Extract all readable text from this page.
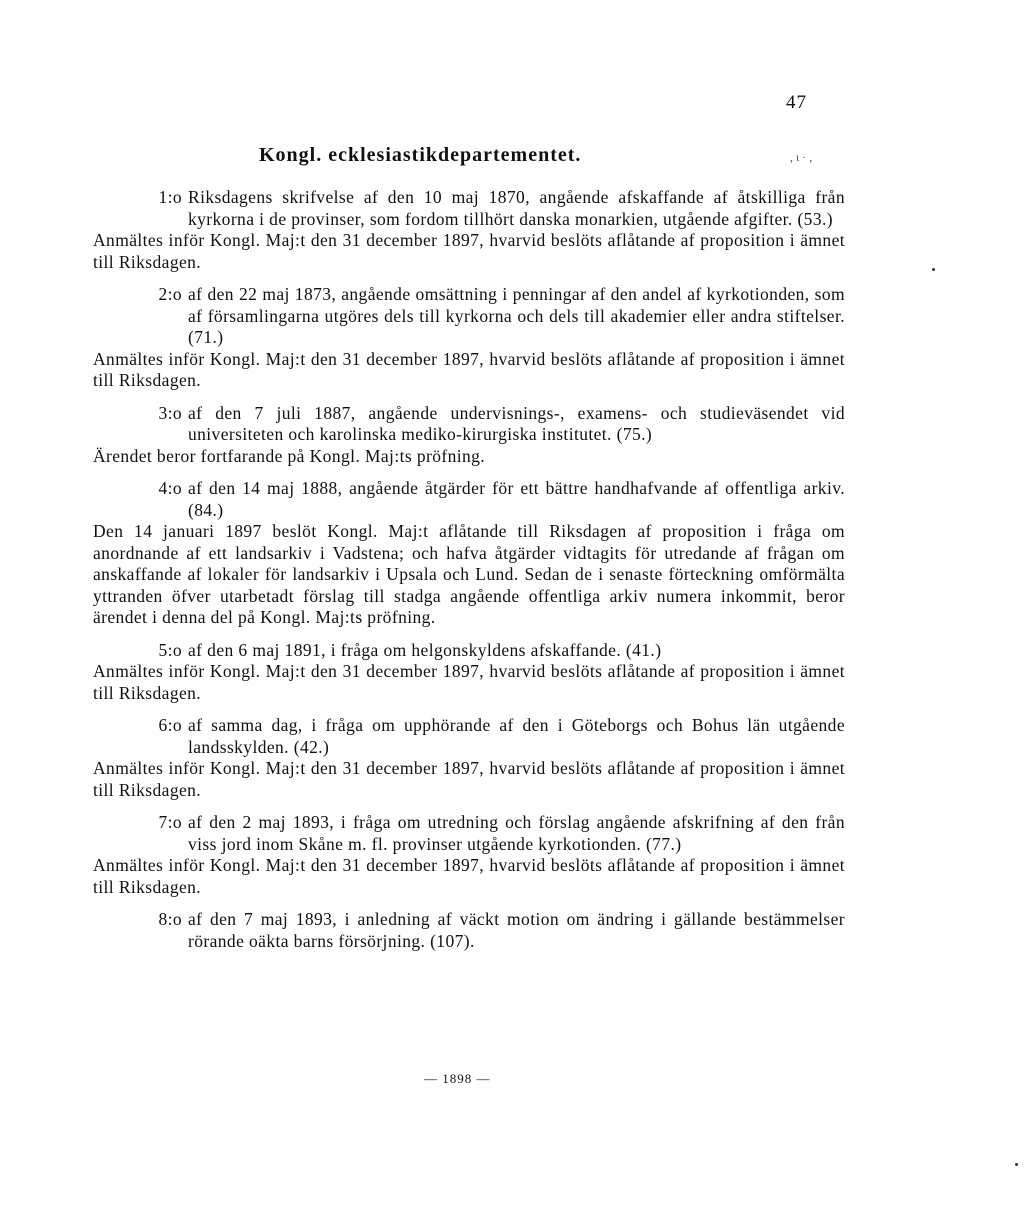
47
Kongl. ecklesiastikdepartementet.	, ι · ,
1:o Riksdagens skrifvelse af den 10 maj 1870, angående afskaffande af åtskilliga från kyrkorna i de provinser, som fordom tillhört danska monarkien, utgående afgifter. (53.)
Anmältes inför Kongl. Maj:t den 31 december 1897, hvarvid beslöts aflåtande af proposition i ämnet till Riksdagen.
2:o af den 22 maj 1873, angående omsättning i penningar af den andel af kyrkotionden, som af församlingarna utgöres dels till kyrkorna och dels till akademier eller andra stiftelser. (71.)
Anmältes inför Kongl. Maj:t den 31 december 1897, hvarvid beslöts aflåtande af proposition i ämnet till Riksdagen.
3:o af den 7 juli 1887, angående undervisnings-, examens- och studieväsendet vid universiteten och karolinska mediko-kirurgiska institutet. (75.)
Ärendet beror fortfarande på Kongl. Maj:ts pröfning.
4:o af den 14 maj 1888, angående åtgärder för ett bättre handhafvande af offentliga arkiv. (84.)
Den 14 januari 1897 beslöt Kongl. Maj:t aflåtande till Riksdagen af proposition i fråga om anordnande af ett landsarkiv i Vadstena; och hafva åtgärder vidtagits för utredande af frågan om anskaffande af lokaler för landsarkiv i Upsala och Lund. Sedan de i senaste förteckning omförmälta yttranden öfver utarbetadt förslag till stadga angående offentliga arkiv numera inkommit, beror ärendet i denna del på Kongl. Maj:ts pröfning.
5:o af den 6 maj 1891, i fråga om helgonskyldens afskaffande. (41.)
Anmältes inför Kongl. Maj:t den 31 december 1897, hvarvid beslöts aflåtande af proposition i ämnet till Riksdagen.
6:o af samma dag, i fråga om upphörande af den i Göteborgs och Bohus län utgående landsskylden. (42.)
Anmältes inför Kongl. Maj:t den 31 december 1897, hvarvid beslöts aflåtande af proposition i ämnet till Riksdagen.
7:o af den 2 maj 1893, i fråga om utredning och förslag angående afskrifning af den från viss jord inom Skåne m. fl. provinser utgående kyrkotionden. (77.)
Anmältes inför Kongl. Maj:t den 31 december 1897, hvarvid beslöts aflåtande af proposition i ämnet till Riksdagen.
8:o af den 7 maj 1893, i anledning af väckt motion om ändring i gällande bestämmelser rörande oäkta barns försörjning. (107).
— 1898 —
